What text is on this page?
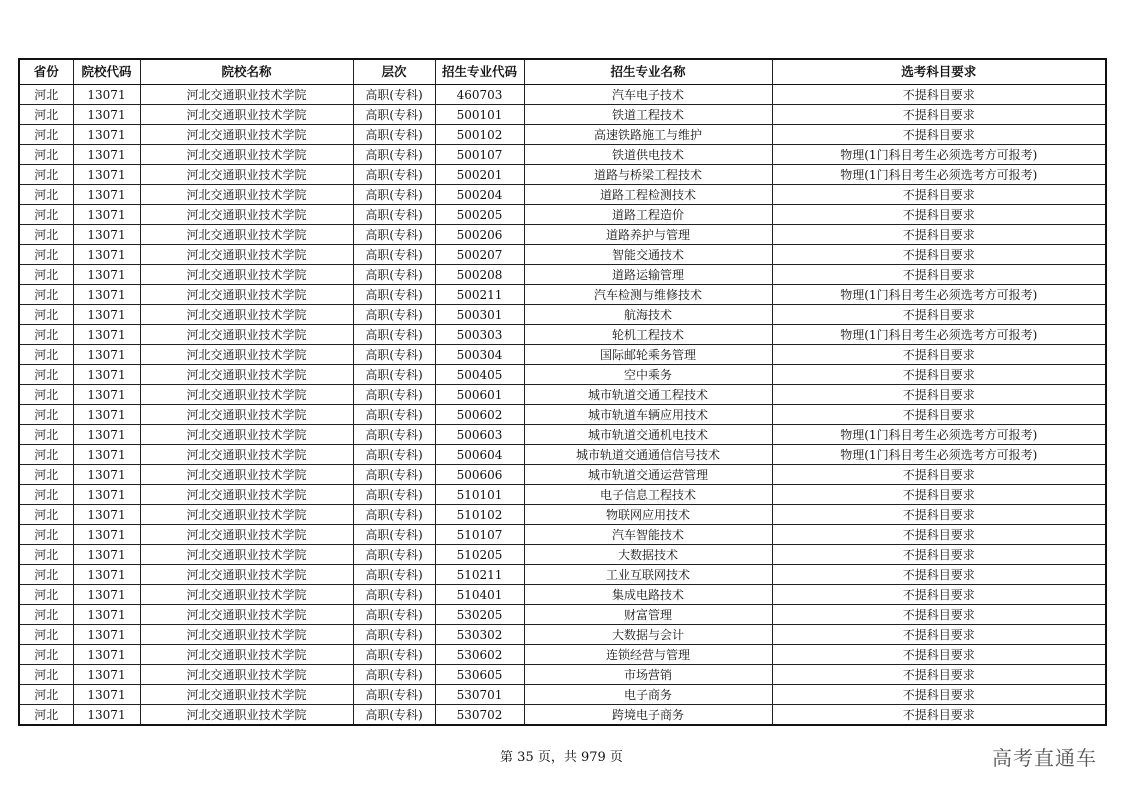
省份	院校代码	院校名称	层次	招生专业代码	招生专业名称	选考科目要求
河北	13071	河北交通职业技术学院	高职(专科)	460703	汽车电子技术	不提科目要求
河北	13071	河北交通职业技术学院	高职(专科)	500101	铁道工程技术	不提科目要求
河北	13071	河北交通职业技术学院	高职(专科)	500102	高速铁路施工与维护	不提科目要求
河北	13071	河北交通职业技术学院	高职(专科)	500107	铁道供电技术	物理(1门科目考生必须选考方可报考)
河北	13071	河北交通职业技术学院	高职(专科)	500201	道路与桥梁工程技术	物理(1门科目考生必须选考方可报考)
河北	13071	河北交通职业技术学院	高职(专科)	500204	道路工程检测技术	不提科目要求
河北	13071	河北交通职业技术学院	高职(专科)	500205	道路工程造价	不提科目要求
河北	13071	河北交通职业技术学院	高职(专科)	500206	道路养护与管理	不提科目要求
河北	13071	河北交通职业技术学院	高职(专科)	500207	智能交通技术	不提科目要求
河北	13071	河北交通职业技术学院	高职(专科)	500208	道路运输管理	不提科目要求
河北	13071	河北交通职业技术学院	高职(专科)	500211	汽车检测与维修技术	物理(1门科目考生必须选考方可报考)
河北	13071	河北交通职业技术学院	高职(专科)	500301	航海技术	不提科目要求
河北	13071	河北交通职业技术学院	高职(专科)	500303	轮机工程技术	物理(1门科目考生必须选考方可报考)
河北	13071	河北交通职业技术学院	高职(专科)	500304	国际邮轮乘务管理	不提科目要求
河北	13071	河北交通职业技术学院	高职(专科)	500405	空中乘务	不提科目要求
河北	13071	河北交通职业技术学院	高职(专科)	500601	城市轨道交通工程技术	不提科目要求
河北	13071	河北交通职业技术学院	高职(专科)	500602	城市轨道车辆应用技术	不提科目要求
河北	13071	河北交通职业技术学院	高职(专科)	500603	城市轨道交通机电技术	物理(1门科目考生必须选考方可报考)
河北	13071	河北交通职业技术学院	高职(专科)	500604	城市轨道交通通信信号技术	物理(1门科目考生必须选考方可报考)
河北	13071	河北交通职业技术学院	高职(专科)	500606	城市轨道交通运营管理	不提科目要求
河北	13071	河北交通职业技术学院	高职(专科)	510101	电子信息工程技术	不提科目要求
河北	13071	河北交通职业技术学院	高职(专科)	510102	物联网应用技术	不提科目要求
河北	13071	河北交通职业技术学院	高职(专科)	510107	汽车智能技术	不提科目要求
河北	13071	河北交通职业技术学院	高职(专科)	510205	大数据技术	不提科目要求
河北	13071	河北交通职业技术学院	高职(专科)	510211	工业互联网技术	不提科目要求
河北	13071	河北交通职业技术学院	高职(专科)	510401	集成电路技术	不提科目要求
河北	13071	河北交通职业技术学院	高职(专科)	530205	财富管理	不提科目要求
河北	13071	河北交通职业技术学院	高职(专科)	530302	大数据与会计	不提科目要求
河北	13071	河北交通职业技术学院	高职(专科)	530602	连锁经营与管理	不提科目要求
河北	13071	河北交通职业技术学院	高职(专科)	530605	市场营销	不提科目要求
河北	13071	河北交通职业技术学院	高职(专科)	530701	电子商务	不提科目要求
河北	13071	河北交通职业技术学院	高职(专科)	530702	跨境电子商务	不提科目要求
第 35 页，共 979 页	高考直通车
